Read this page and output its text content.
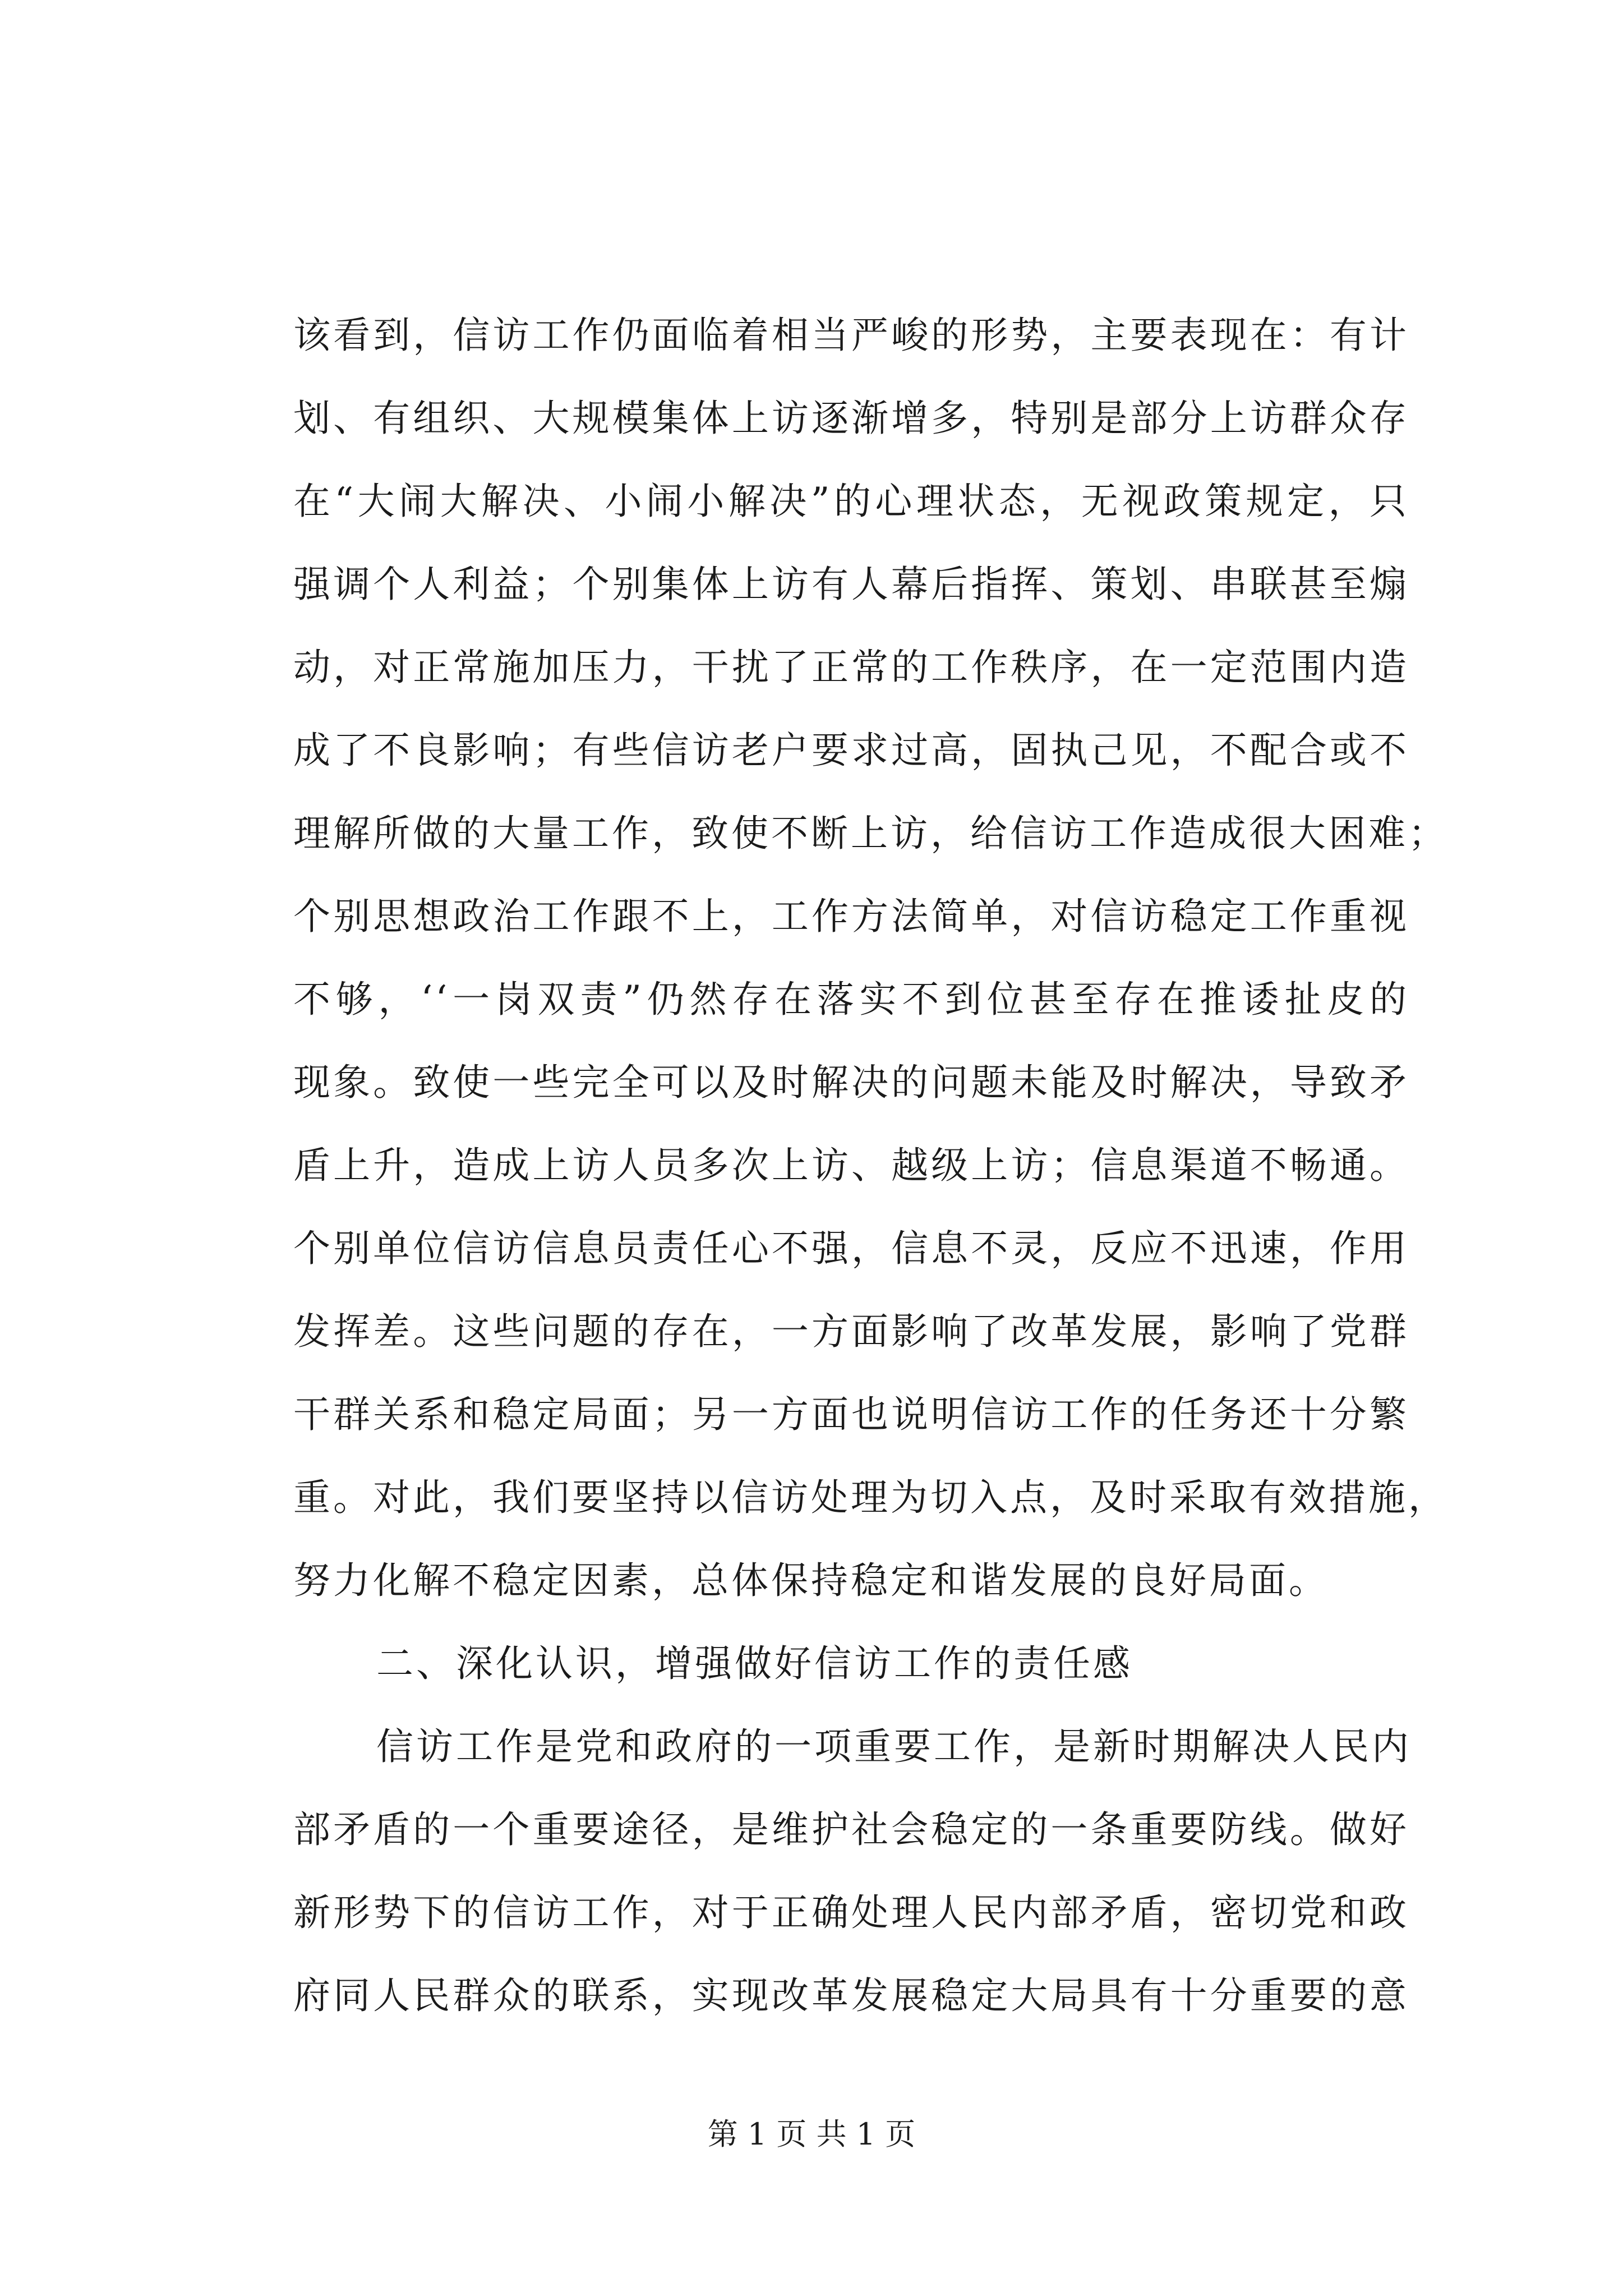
该看到，信访工作仍面临着相当严峻的形势，主要表现在：有计
划、有组织、大规模集体上访逐渐增多，特别是部分上访群众存
在“大闹大解决、小闹小解决”的心理状态，无视政策规定，只
强调个人利益；个别集体上访有人幕后指挥、策划、串联甚至煽
动，对正常施加压力，干扰了正常的工作秩序，在一定范围内造
成了不良影响；有些信访老户要求过高，固执己见，不配合或不
理解所做的大量工作，致使不断上访，给信访工作造成很大困难；
个别思想政治工作跟不上，工作方法简单，对信访稳定工作重视
不够，‘‘一岗双责”仍然存在落实不到位甚至存在推诿扯皮的
现象。致使一些完全可以及时解决的问题未能及时解决，导致矛
盾上升，造成上访人员多次上访、越级上访；信息渠道不畅通。
个别单位信访信息员责任心不强，信息不灵，反应不迅速，作用
发挥差。这些问题的存在，一方面影响了改革发展，影响了党群
干群关系和稳定局面；另一方面也说明信访工作的任务还十分繁
重。对此，我们要坚持以信访处理为切入点，及时采取有效措施，
努力化解不稳定因素，总体保持稳定和谐发展的良好局面。
二、深化认识，增强做好信访工作的责任感
信访工作是党和政府的一项重要工作，是新时期解决人民内
部矛盾的一个重要途径，是维护社会稳定的一条重要防线。做好
新形势下的信访工作，对于正确处理人民内部矛盾，密切党和政
府同人民群众的联系，实现改革发展稳定大局具有十分重要的意
第 1 页 共 1 页
